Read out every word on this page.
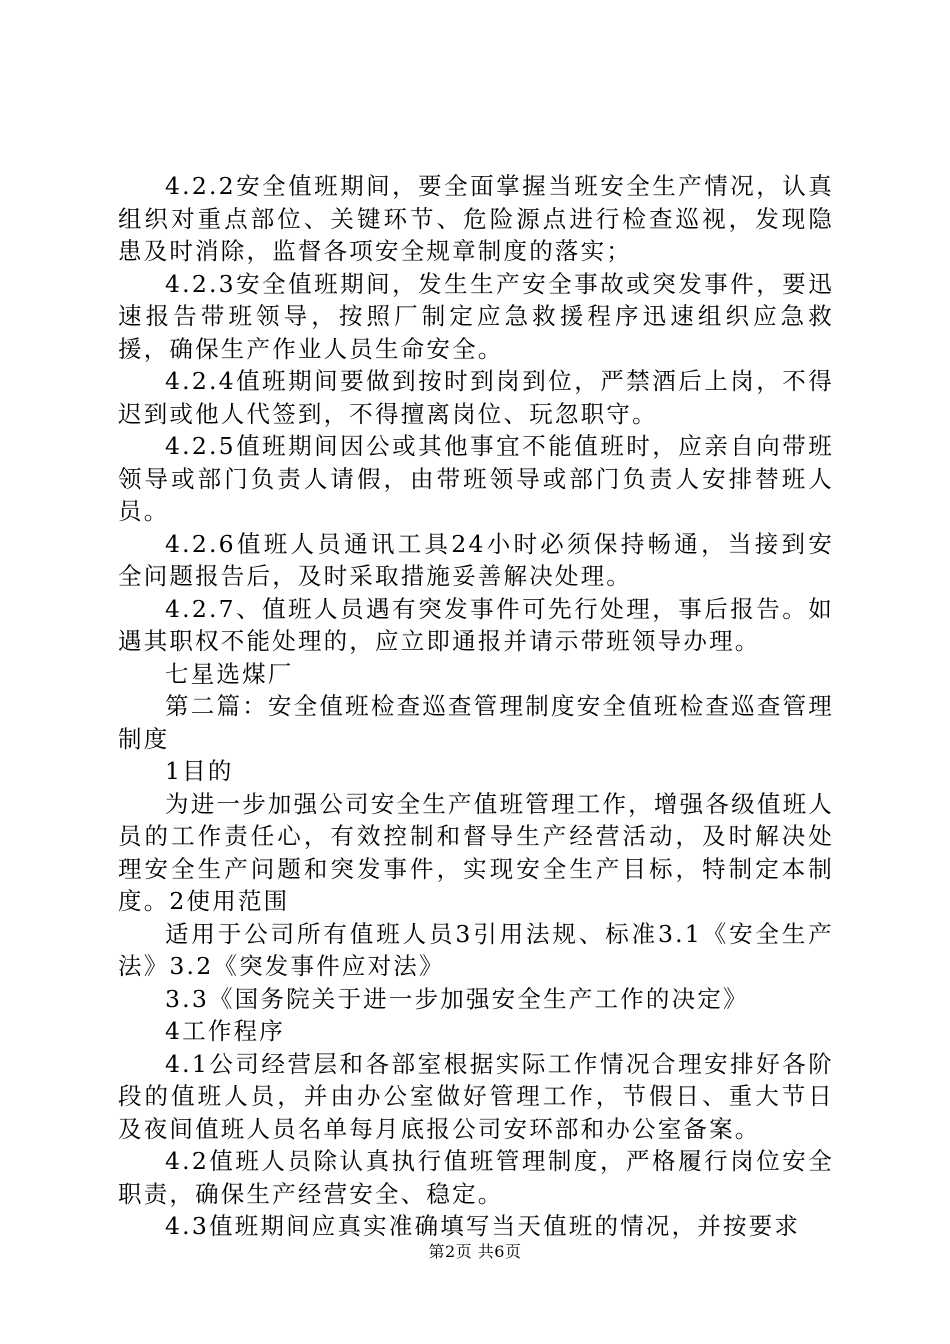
4.2.2安全值班期间，要全面掌握当班安全生产情况，认真组织对重点部位、关键环节、危险源点进行检查巡视，发现隐患及时消除，监督各项安全规章制度的落实；

4.2.3安全值班期间，发生生产安全事故或突发事件，要迅速报告带班领导，按照厂制定应急救援程序迅速组织应急救援，确保生产作业人员生命安全。

4.2.4值班期间要做到按时到岗到位，严禁酒后上岗，不得迟到或他人代签到，不得擅离岗位、玩忽职守。

4.2.5值班期间因公或其他事宜不能值班时，应亲自向带班领导或部门负责人请假，由带班领导或部门负责人安排替班人员。

4.2.6值班人员通讯工具24小时必须保持畅通，当接到安全问题报告后，及时采取措施妥善解决处理。

4.2.7、值班人员遇有突发事件可先行处理，事后报告。如遇其职权不能处理的，应立即通报并请示带班领导办理。

七星选煤厂

第二篇：安全值班检查巡查管理制度安全值班检查巡查管理制度

1目的

为进一步加强公司安全生产值班管理工作，增强各级值班人员的工作责任心，有效控制和督导生产经营活动，及时解决处理安全生产问题和突发事件，实现安全生产目标，特制定本制度。2使用范围

适用于公司所有值班人员3引用法规、标准3.1《安全生产法》3.2《突发事件应对法》

3.3《国务院关于进一步加强安全生产工作的决定》

4工作程序

4.1公司经营层和各部室根据实际工作情况合理安排好各阶段的值班人员，并由办公室做好管理工作，节假日、重大节日及夜间值班人员名单每月底报公司安环部和办公室备案。

4.2值班人员除认真执行值班管理制度，严格履行岗位安全职责，确保生产经营安全、稳定。

4.3值班期间应真实准确填写当天值班的情况，并按要求

第2页 共6页
